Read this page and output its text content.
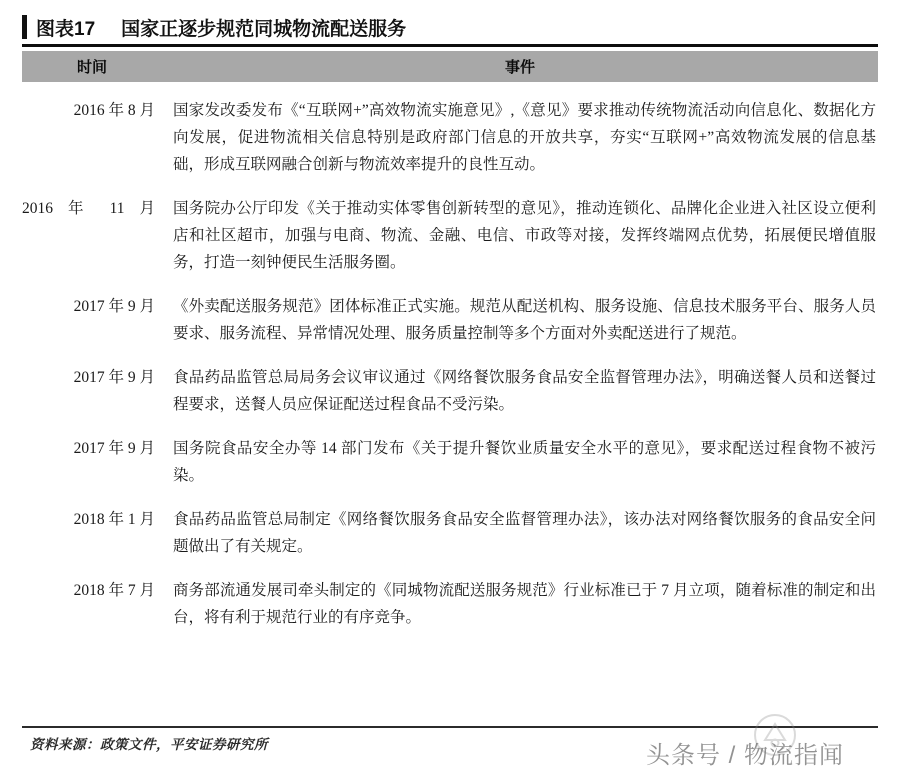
图表17 国家正逐步规范同城物流配送服务
时间	事件
2016 年 8 月	国家发改委发布《“互联网+”高效物流实施意见》,《意见》要求推动传统物流活动向信息化、数据化方向发展，促进物流相关信息特别是政府部门信息的开放共享，夯实“互联网+”高效物流发展的信息基础，形成互联网融合创新与物流效率提升的良性互动。
2016 年 11 月	国务院办公厅印发《关于推动实体零售创新转型的意见》，推动连锁化、品牌化企业进入社区设立便利店和社区超市，加强与电商、物流、金融、电信、市政等对接，发挥终端网点优势，拓展便民增值服务，打造一刻钟便民生活服务圈。
2017 年 9 月	《外卖配送服务规范》团体标准正式实施。规范从配送机构、服务设施、信息技术服务平台、服务人员要求、服务流程、异常情况处理、服务质量控制等多个方面对外卖配送进行了规范。
2017 年 9 月	食品药品监管总局局务会议审议通过《网络餐饮服务食品安全监督管理办法》，明确送餐人员和送餐过程要求，送餐人员应保证配送过程食品不受污染。
2017 年 9 月	国务院食品安全办等 14 部门发布《关于提升餐饮业质量安全水平的意见》，要求配送过程食物不被污染。
2018 年 1 月	食品药品监管总局制定《网络餐饮服务食品安全监督管理办法》，该办法对网络餐饮服务的食品安全问题做出了有关规定。
2018 年 7 月	商务部流通发展司牵头制定的《同城物流配送服务规范》行业标准已于 7 月立项，随着标准的制定和出台，将有利于规范行业的有序竞争。
资料来源：政策文件，平安证券研究所	头条号 / 物流指闻
